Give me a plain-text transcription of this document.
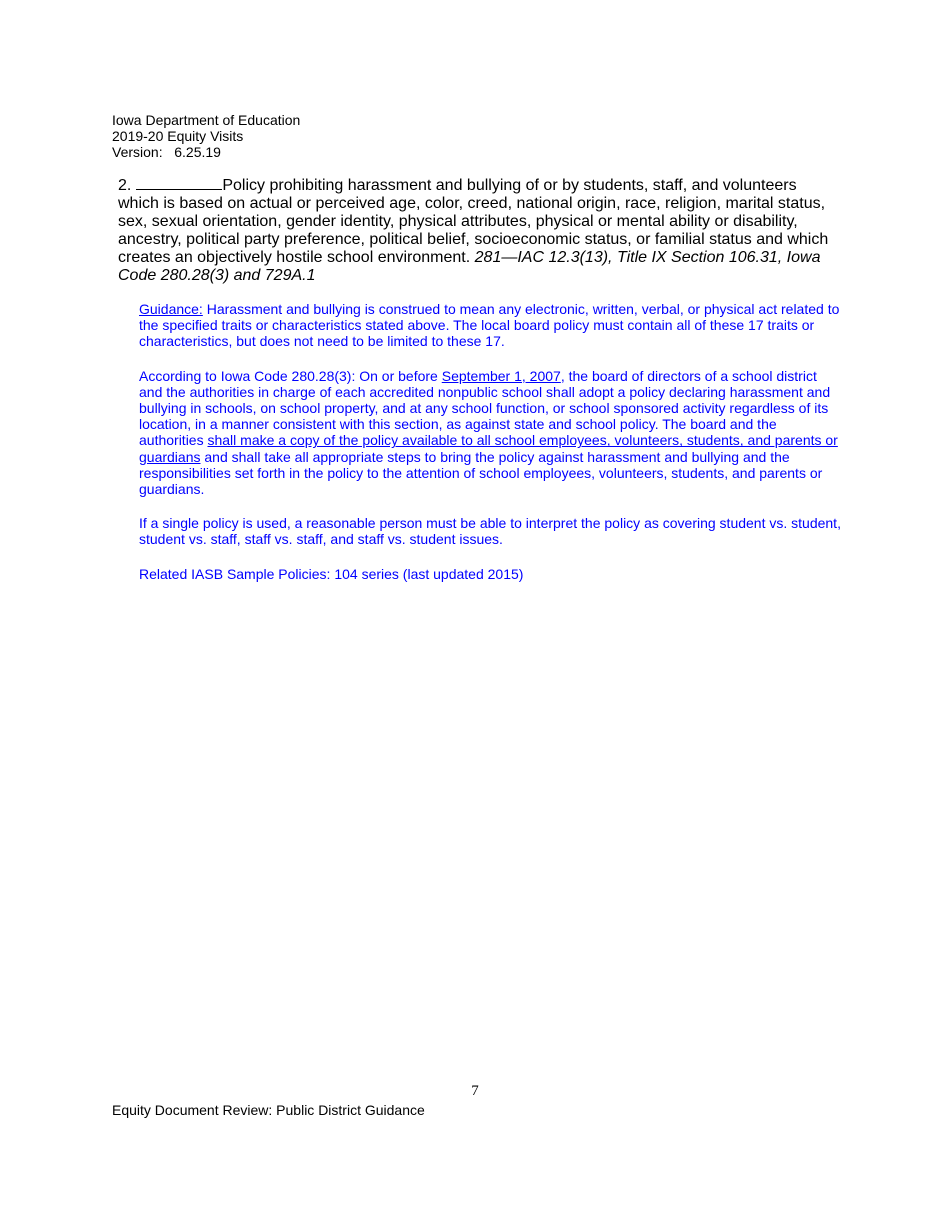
Iowa Department of Education
2019-20 Equity Visits
Version:   6.25.19
2.	Policy prohibiting harassment and bullying of or by students, staff, and volunteers which is based on actual or perceived age, color, creed, national origin, race, religion, marital status, sex, sexual orientation, gender identity, physical attributes, physical or mental ability or disability, ancestry, political party preference, political belief, socioeconomic status, or familial status and which creates an objectively hostile school environment. 281—IAC 12.3(13), Title IX Section 106.31, Iowa Code 280.28(3) and 729A.1

Guidance: Harassment and bullying is construed to mean any electronic, written, verbal, or physical act related to the specified traits or characteristics stated above. The local board policy must contain all of these 17 traits or characteristics, but does not need to be limited to these 17.

According to Iowa Code 280.28(3): On or before September 1, 2007, the board of directors of a school district and the authorities in charge of each accredited nonpublic school shall adopt a policy declaring harassment and bullying in schools, on school property, and at any school function, or school sponsored activity regardless of its location, in a manner consistent with this section, as against state and school policy. The board and the authorities shall make a copy of the policy available to all school employees, volunteers, students, and parents or guardians and shall take all appropriate steps to bring the policy against harassment and bullying and the responsibilities set forth in the policy to the attention of school employees, volunteers, students, and parents or guardians.

If a single policy is used, a reasonable person must be able to interpret the policy as covering student vs. student, student vs. staff, staff vs. staff, and staff vs. student issues.

Related IASB Sample Policies: 104 series (last updated 2015)

7
Equity Document Review: Public District Guidance
